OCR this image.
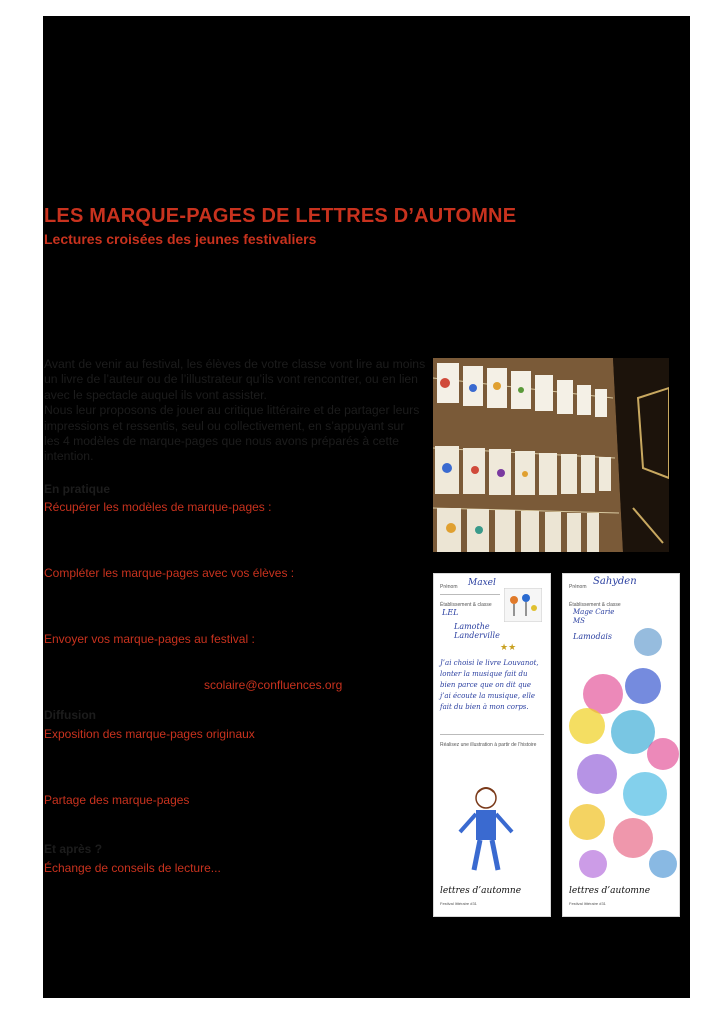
LES MARQUE-PAGES DE LETTRES D’AUTOMNE
Lectures croisées des jeunes festivaliers

Avant de venir au festival, les élèves de votre classe vont lire au moins
un livre de l’auteur ou de l’illustrateur qu’ils vont rencontrer, ou en lien
avec le spectacle auquel ils vont assister.
Nous leur proposons de jouer au critique littéraire et de partager leurs
impressions et ressentis, seul ou collectivement, en s’appuyant sur
les 4 modèles de marque-pages que nous avons préparés à cette
intention.

En pratique

Récupérer les modèles de marque-pages :

Compléter les marque-pages avec vos élèves :

Envoyer vos marque-pages au festival :

scolaire@confluences.org

Diffusion

Exposition des marque-pages originaux

Partage des marque-pages

Et après ?

Échange de conseils de lecture...

Prénom Maxel
Établissement & classe
LEL
Lamothe Landerville
★★
J’ai choisi le livre Louvanot, lonter la musique fait du bien parce que on dit que j’ai écoute la musique, elle fait du bien à mon corps.
Réalisez une illustration à partir de l’histoire
lettres d’automne
Festival littéraire #31
Prénom Sahyden
Établissement & classe
Mage Carie MS
Lamodais
lettres d’automne
Festival littéraire #31
